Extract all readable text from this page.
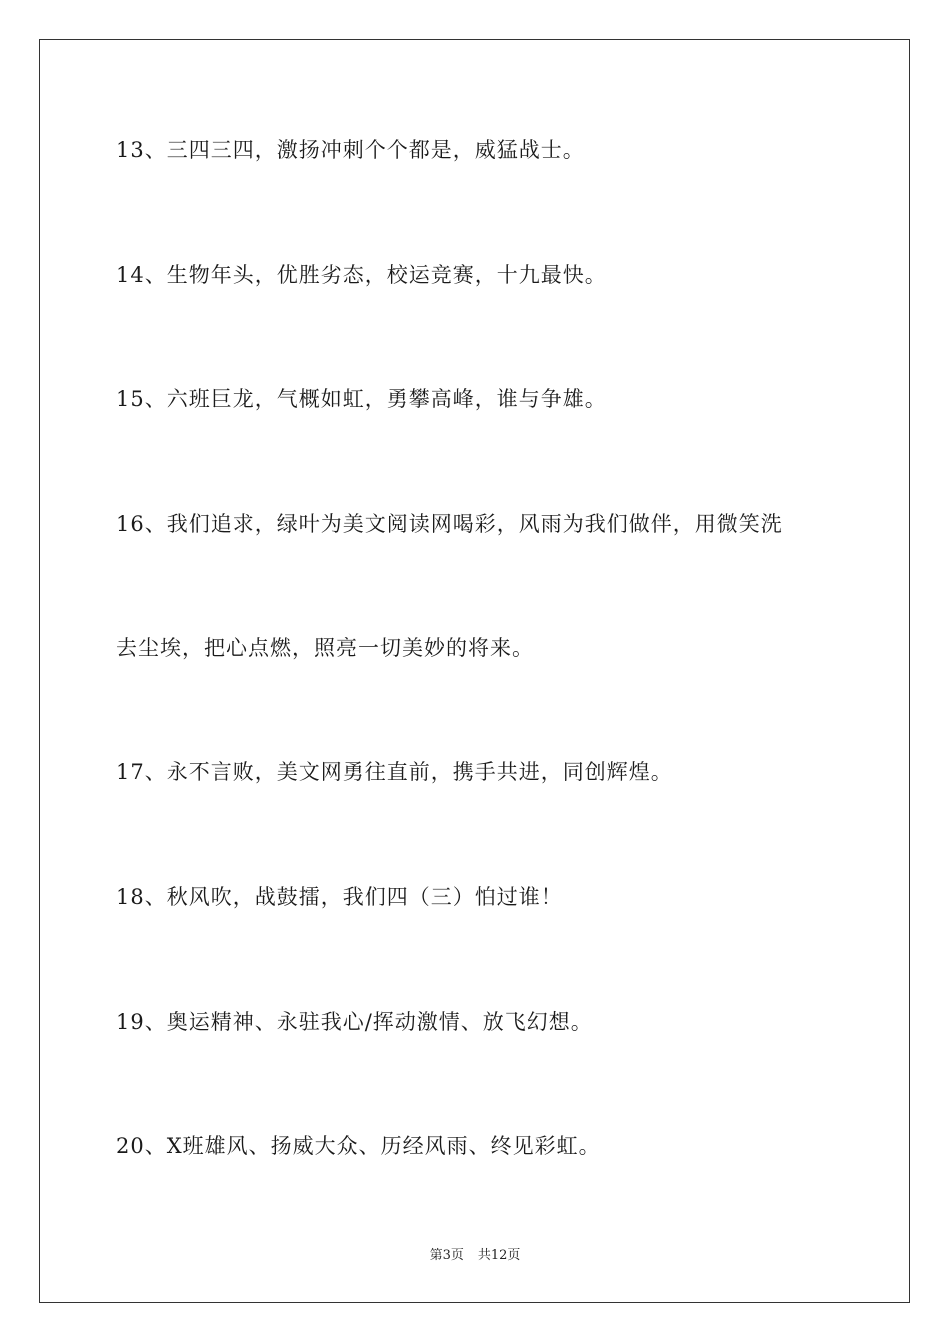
13、三四三四，激扬冲刺个个都是，威猛战士。
14、生物年头，优胜劣态，校运竞赛，十九最快。
15、六班巨龙，气概如虹，勇攀高峰，谁与争雄。
16、我们追求，绿叶为美文阅读网喝彩，风雨为我们做伴，用微笑洗
去尘埃，把心点燃，照亮一切美妙的将来。
17、永不言败，美文网勇往直前，携手共进，同创辉煌。
18、秋风吹，战鼓擂，我们四（三）怕过谁！
19、奥运精神、永驻我心/挥动激情、放飞幻想。
20、X班雄风、扬威大众、历经风雨、终见彩虹。
第3页 共12页
